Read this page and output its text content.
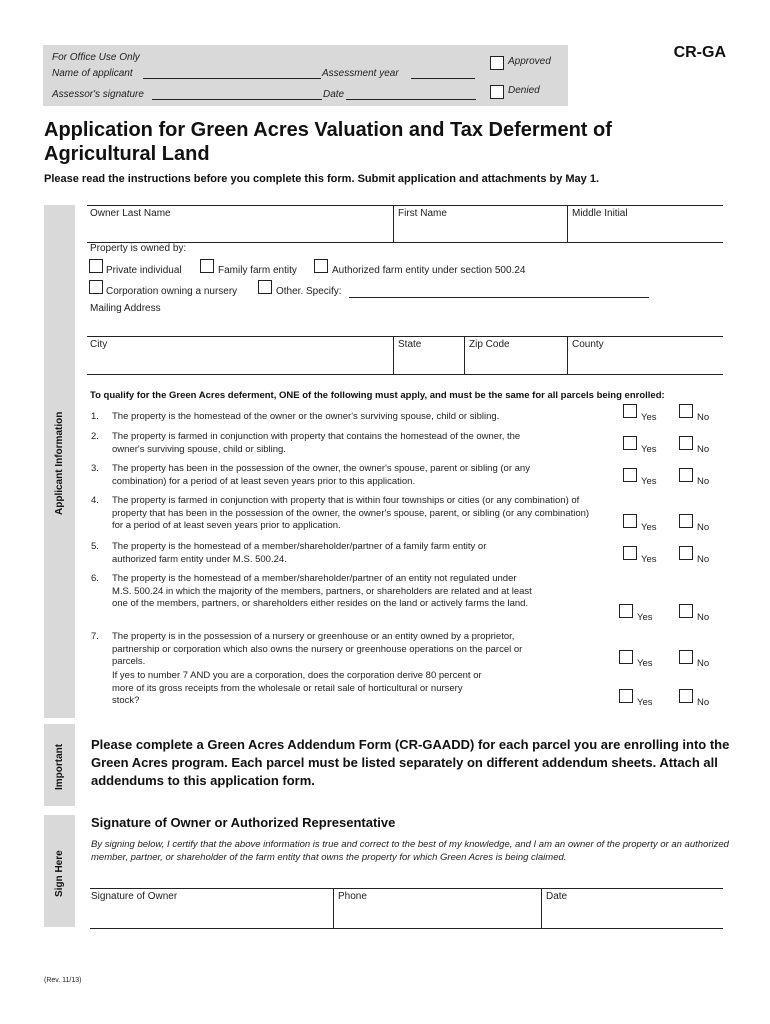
For Office Use Only
Name of applicant	Assessment year
Assessor's signature	Date
Approved
Denied
CR-GA
Application for Green Acres Valuation and Tax Deferment of Agricultural Land
Please read the instructions before you complete this form. Submit application and attachments by May 1.
Applicant Information
Important
Sign Here
Owner Last Name	First Name	Middle Initial
Property is owned by:
Private individual	Family farm entity	Authorized farm entity under section 500.24
Corporation owning a nursery	Other. Specify:
Mailing Address
City	State	Zip Code	County
To qualify for the Green Acres deferment, ONE of the following must apply, and must be the same for all parcels being enrolled:
1. The property is the homestead of the owner or the owner's surviving spouse, child or sibling.	Yes	No
2. The property is farmed in conjunction with property that contains the homestead of the owner, the owner's surviving spouse, child or sibling.	Yes	No
3. The property has been in the possession of the owner, the owner's spouse, parent or sibling (or any combination) for a period of at least seven years prior to this application.	Yes	No
4. The property is farmed in conjunction with property that is within four townships or cities (or any combination) of property that has been in the possession of the owner, the owner's spouse, parent, or sibling (or any combination) for a period of at least seven years prior to application.	Yes	No
5. The property is the homestead of a member/shareholder/partner of a family farm entity or authorized farm entity under M.S. 500.24.	Yes	No
6. The property is the homestead of a member/shareholder/partner of an entity not regulated under M.S. 500.24 in which the majority of the members, partners, or shareholders are related and at least one of the members, partners, or shareholders either resides on the land or actively farms the land.
Yes	No
7. The property is in the possession of a nursery or greenhouse or an entity owned by a proprietor, partnership or corporation which also owns the nursery or greenhouse operations on the parcel or parcels.	Yes	No
If yes to number 7 AND you are a corporation, does the corporation derive 80 percent or more of its gross receipts from the wholesale or retail sale of horticultural or nursery stock?	Yes	No
Please complete a Green Acres Addendum Form (CR-GAADD) for each parcel you are enrolling into the Green Acres program. Each parcel must be listed separately on different addendum sheets. Attach all addendums to this application form.
Signature of Owner or Authorized Representative
By signing below, I certify that the above information is true and correct to the best of my knowledge, and I am an owner of the property or an authorized member, partner, or shareholder of the farm entity that owns the property for which Green Acres is being claimed.
Signature of Owner	Phone	Date
(Rev. 11/13)
